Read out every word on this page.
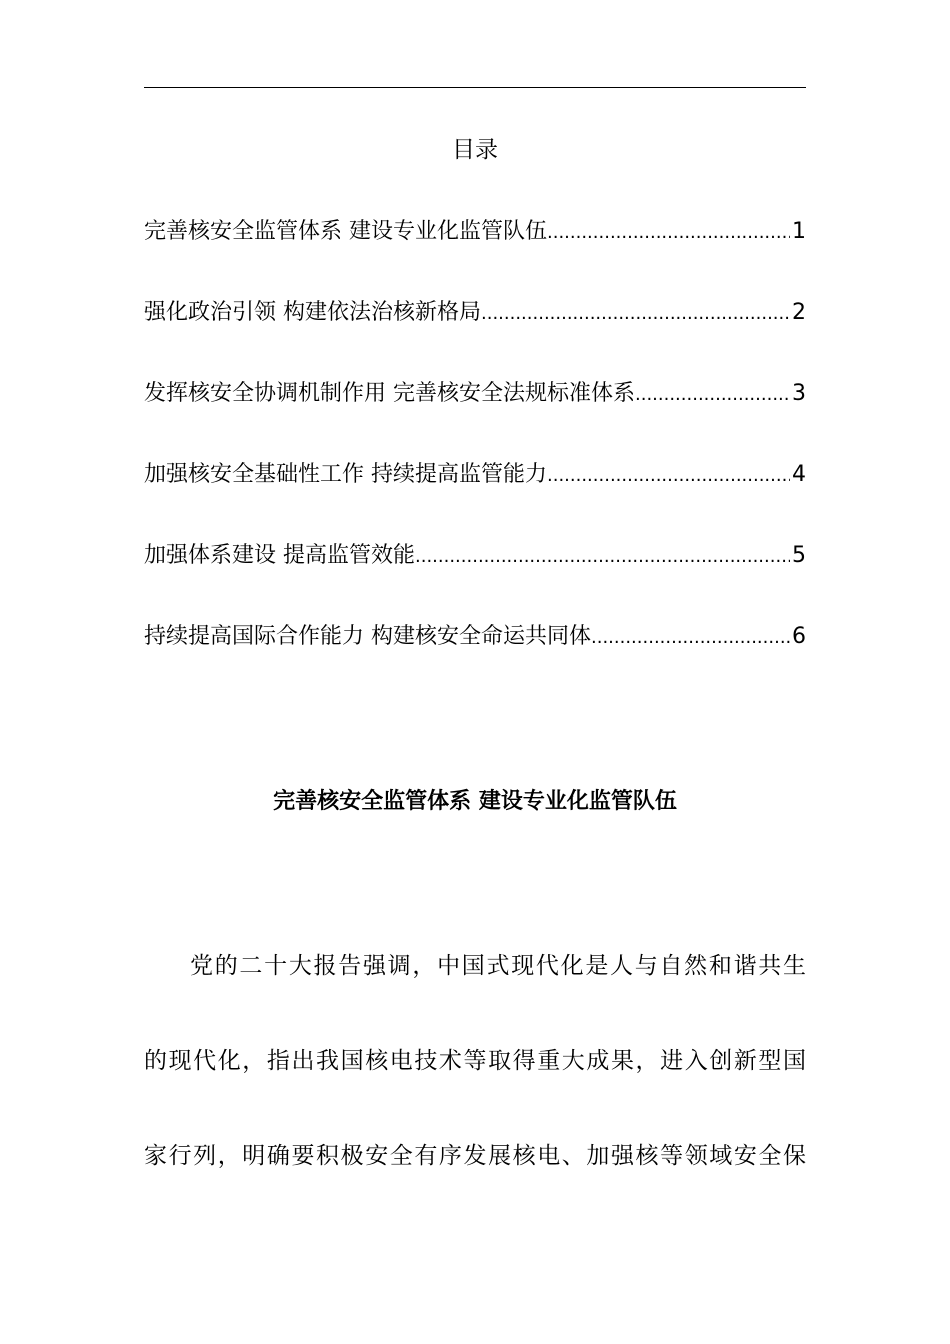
目录
完善核安全监管体系 建设专业化监管队伍 .....	1
强化政治引领 构建依法治核新格局 .....	2
发挥核安全协调机制作用 完善核安全法规标准体系 .....	3
加强核安全基础性工作 持续提高监管能力 .....	4
加强体系建设 提高监管效能 .....	5
持续提高国际合作能力 构建核安全命运共同体 .....	6
完善核安全监管体系 建设专业化监管队伍

党的二十大报告强调，中国式现代化是人与自然和谐共生
的现代化，指出我国核电技术等取得重大成果，进入创新型国
家行列，明确要积极安全有序发展核电、加强核等领域安全保
